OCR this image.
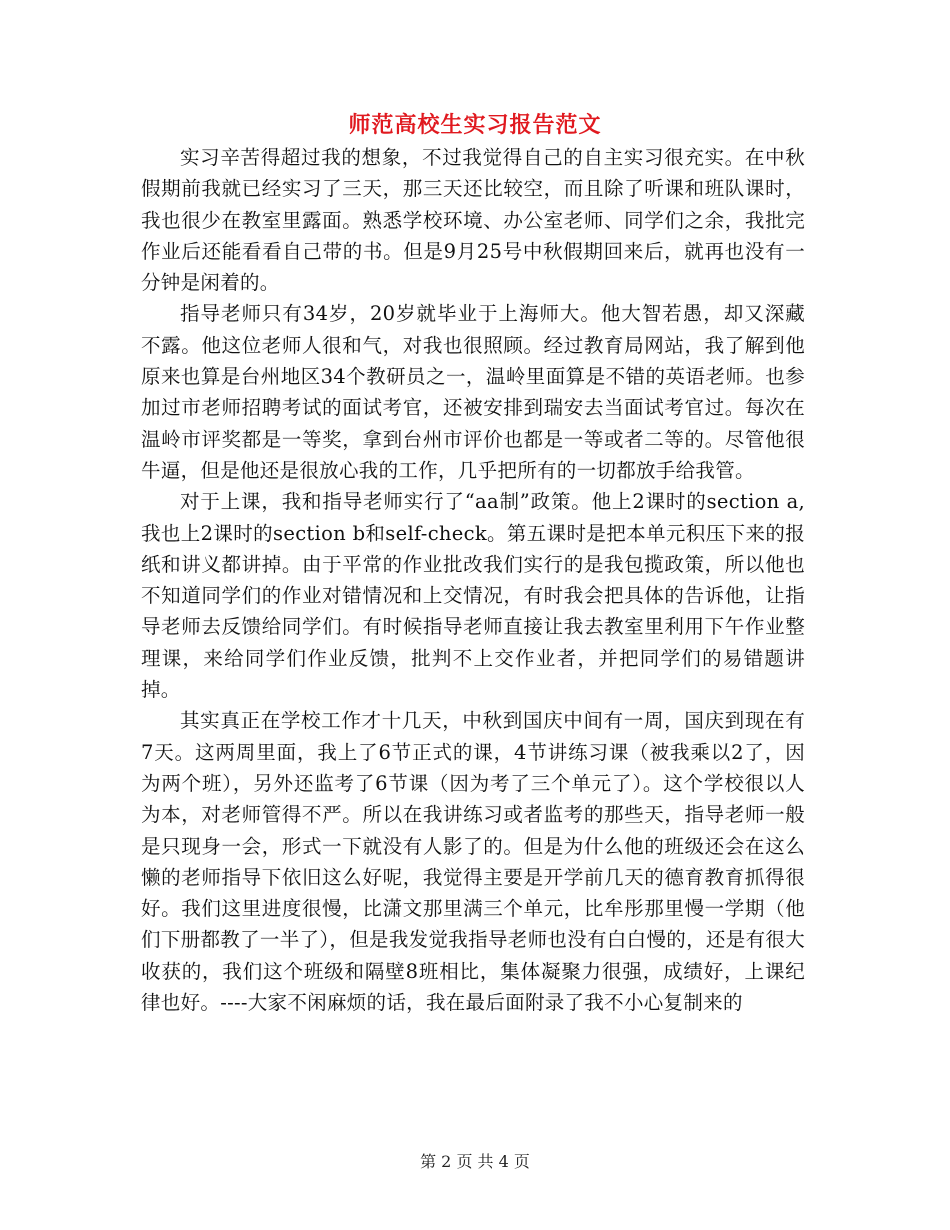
师范高校生实习报告范文

实习辛苦得超过我的想象，不过我觉得自己的自主实习很充实。在中秋假期前我就已经实习了三天，那三天还比较空，而且除了听课和班队课时，我也很少在教室里露面。熟悉学校环境、办公室老师、同学们之余，我批完作业后还能看看自己带的书。但是9月25号中秋假期回来后，就再也没有一分钟是闲着的。

指导老师只有34岁，20岁就毕业于上海师大。他大智若愚，却又深藏不露。他这位老师人很和气，对我也很照顾。经过教育局网站，我了解到他原来也算是台州地区34个教研员之一，温岭里面算是不错的英语老师。也参加过市老师招聘考试的面试考官，还被安排到瑞安去当面试考官过。每次在温岭市评奖都是一等奖，拿到台州市评价也都是一等或者二等的。尽管他很牛逼，但是他还是很放心我的工作，几乎把所有的一切都放手给我管。

对于上课，我和指导老师实行了“aa制”政策。他上2课时的section a,我也上2课时的section b和self-check。第五课时是把本单元积压下来的报纸和讲义都讲掉。由于平常的作业批改我们实行的是我包揽政策，所以他也不知道同学们的作业对错情况和上交情况，有时我会把具体的告诉他，让指导老师去反馈给同学们。有时候指导老师直接让我去教室里利用下午作业整理课，来给同学们作业反馈，批判不上交作业者，并把同学们的易错题讲掉。

其实真正在学校工作才十几天，中秋到国庆中间有一周，国庆到现在有7天。这两周里面，我上了6节正式的课，4节讲练习课（被我乘以2了，因为两个班），另外还监考了6节课（因为考了三个单元了）。这个学校很以人为本，对老师管得不严。所以在我讲练习或者监考的那些天，指导老师一般是只现身一会，形式一下就没有人影了的。但是为什么他的班级还会在这么懒的老师指导下依旧这么好呢，我觉得主要是开学前几天的德育教育抓得很好。我们这里进度很慢，比潇文那里满三个单元，比牟彤那里慢一学期（他们下册都教了一半了），但是我发觉我指导老师也没有白白慢的，还是有很大收获的，我们这个班级和隔壁8班相比，集体凝聚力很强，成绩好，上课纪律也好。----大家不闲麻烦的话，我在最后面附录了我不小心复制来的

第 2 页 共 4 页
